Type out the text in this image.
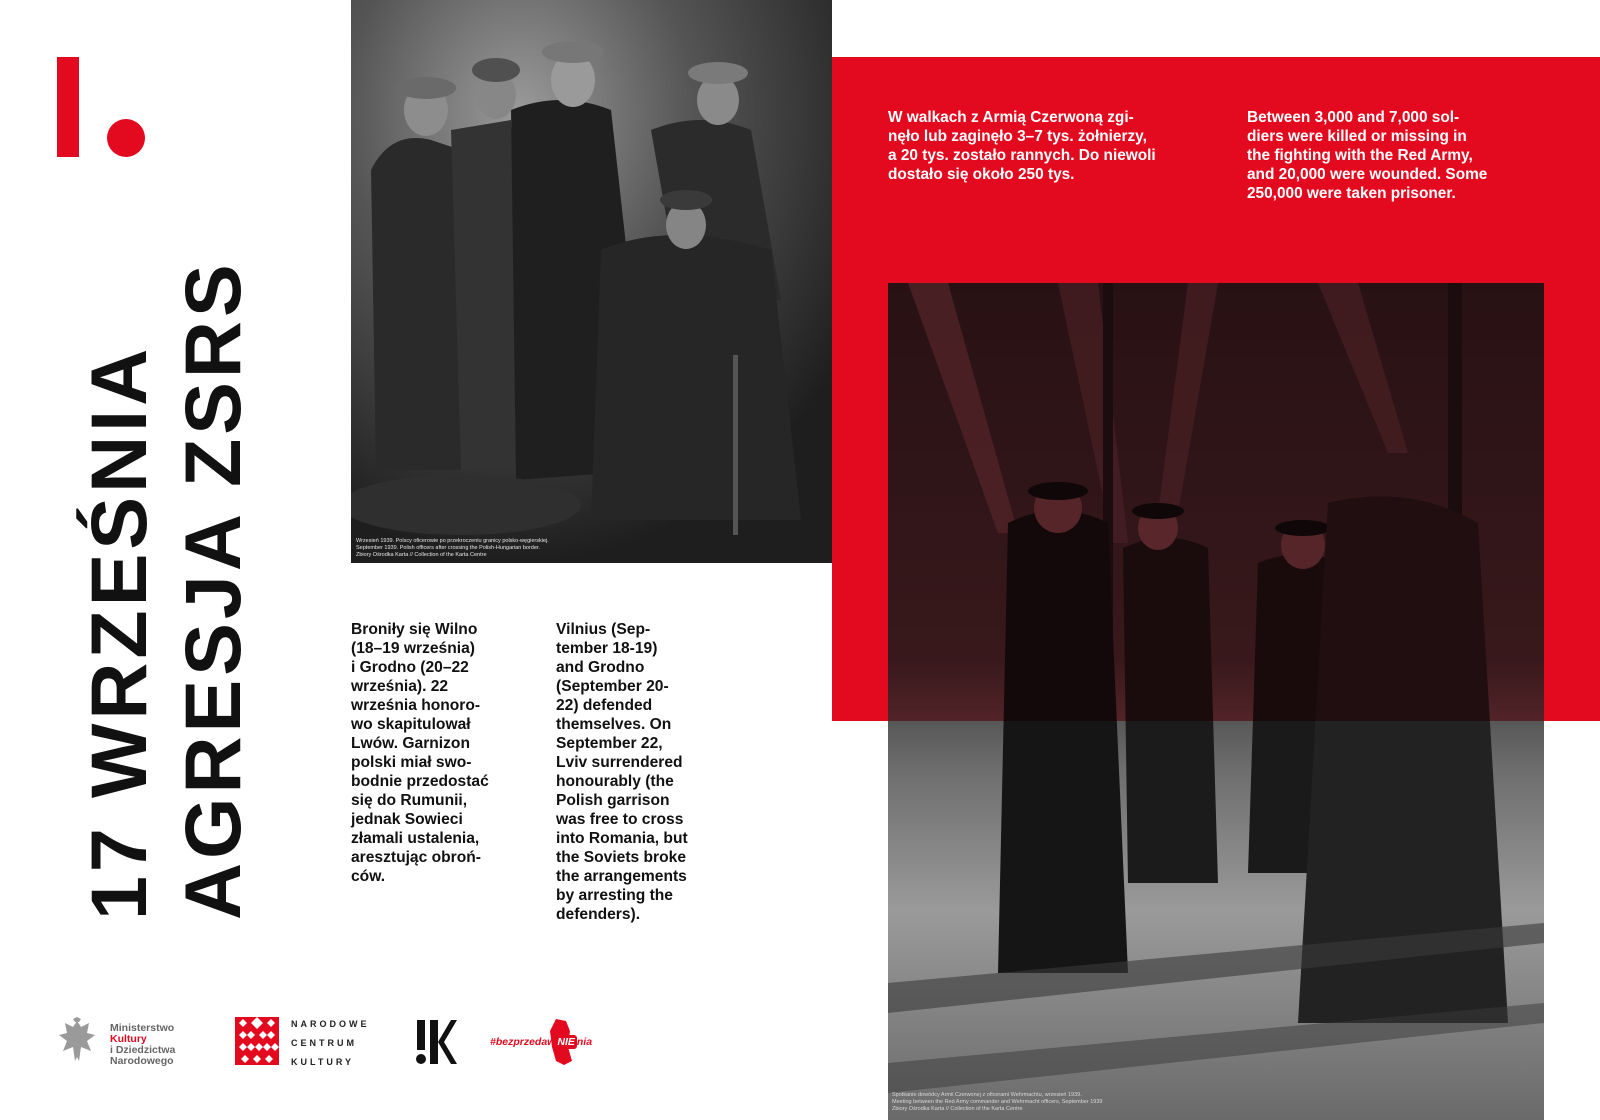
17 WRZEŚNIA AGRESJA ZSRS	Wrzesień 1939. Polscy oficerowie po przekroczeniu granicy polsko-węgierskiej.
September 1939. Polish officers after crossing the Polish-Hungarian border.
Zbiory Ośrodka Karta // Collection of the Karta Centre
W walkach z Armią Czerwoną zgi-
nęło lub zaginęło 3–7 tys. żołnierzy,
a 20 tys. zostało rannych. Do niewoli
dostało się około 250 tys.
Between 3,000 and 7,000 sol-
diers were killed or missing in
the fighting with the Red Army,
and 20,000 were wounded. Some
250,000 were taken prisoner.
Spotkanie dowódcy Armii Czerwonej z oficerami Wehrmachtu, wrzesień 1939.
Meeting between the Red Army commander and Wehrmacht officers, September 1939
Zbiory Ośrodka Karta // Collection of the Karta Centre
Broniły się Wilno
(18–19 września)
i Grodno (20–22
września). 22
września honoro-
wo skapitulował
Lwów. Garnizon
polski miał swo-
bodnie przedostać
się do Rumunii,
jednak Sowieci
złamali ustalenia,
aresztując obroń-
ców.
Vilnius (Sep-
tember 18-19)
and Grodno
(September 20-
22) defended
themselves. On
September 22,
Lviv surrendered
honourably (the
Polish garrison
was free to cross
into Romania, but
the Soviets broke
the arrangements
by arresting the
defenders).
Ministerstwo
Kultury
i Dziedzictwa
Narodowego
NARODOWE
CENTRUM
KULTURY
#bezprzedaw NIE nia
